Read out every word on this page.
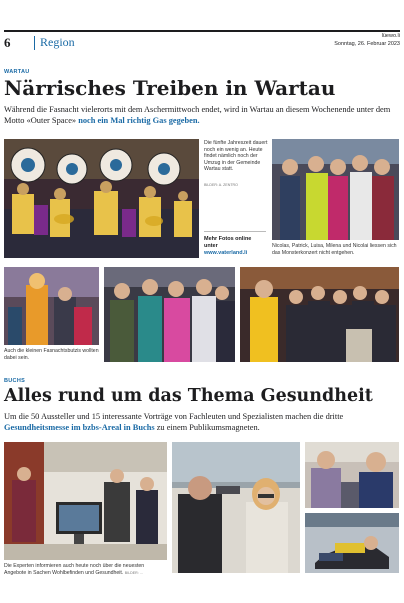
6 Region	lüewo.li
Sonntag, 26. Februar 2023
WARTAU
Närrisches Treiben in Wartau
Während die Fasnacht vielerorts mit dem Aschermittwoch endet, wird in Wartau an diesem Wochenende unter dem Motto «Outer Space» noch ein Mal richtig Gas gegeben.
Die fünfte Jahreszeit dauert noch ein wenig an. Heute findet nämlich noch der Umzug in der Gemeinde Wartau statt.
BILDER: A. ZENTRO
Mehr Fotos online unter
www.vaterland.li
Nicolas, Patrick, Luisa, Milena und Nicolai liessen sich das Monsterkonzert nicht entgehen.
Auch die kleinen Fasnachtsbutzis wollten dabei sein.
BUCHS
Alles rund um das Thema Gesundheit
Um die 50 Aussteller und 15 interessante Vorträge von Fachleuten und Spezialisten machen die dritte Gesundheitsmesse im bzbs-Areal in Buchs zu einem Publikumsmagneten.
Die Experten informieren auch heute noch über die neuesten Angebote in Sachen Wohlbefinden und Gesundheit. BILDER: ...
